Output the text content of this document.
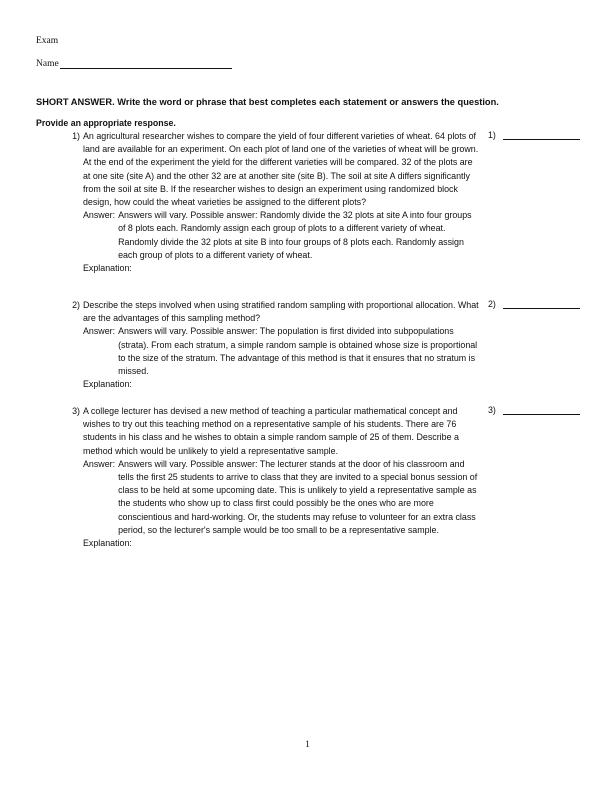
Exam
Name
SHORT ANSWER. Write the word or phrase that best completes each statement or answers the question.
Provide an appropriate response.
1) An agricultural researcher wishes to compare the yield of four different varieties of wheat. 64 plots of land are available for an experiment. On each plot of land one of the varieties of wheat will be grown. At the end of the experiment the yield for the different varieties will be compared. 32 of the plots are at one site (site A) and the other 32 are at another site (site B). The soil at site A differs significantly from the soil at site B. If the researcher wishes to design an experiment using randomized block design, how could the wheat varieties be assigned to the different plots?
Answer: Answers will vary. Possible answer: Randomly divide the 32 plots at site A into four groups of 8 plots each. Randomly assign each group of plots to a different variety of wheat. Randomly divide the 32 plots at site B into four groups of 8 plots each. Randomly assign each group of plots to a different variety of wheat.
Explanation:
1)
2) Describe the steps involved when using stratified random sampling with proportional allocation. What are the advantages of this sampling method?
Answer: Answers will vary. Possible answer: The population is first divided into subpopulations (strata). From each stratum, a simple random sample is obtained whose size is proportional to the size of the stratum. The advantage of this method is that it ensures that no stratum is missed.
Explanation:
2)
3) A college lecturer has devised a new method of teaching a particular mathematical concept and wishes to try out this teaching method on a representative sample of his students. There are 76 students in his class and he wishes to obtain a simple random sample of 25 of them. Describe a method which would be unlikely to yield a representative sample.
Answer: Answers will vary. Possible answer: The lecturer stands at the door of his classroom and tells the first 25 students to arrive to class that they are invited to a special bonus session of class to be held at some upcoming date. This is unlikely to yield a representative sample as the students who show up to class first could possibly be the ones who are more conscientious and hard-working. Or, the students may refuse to volunteer for an extra class period, so the lecturer's sample would be too small to be a representative sample.
Explanation:
3)
1
